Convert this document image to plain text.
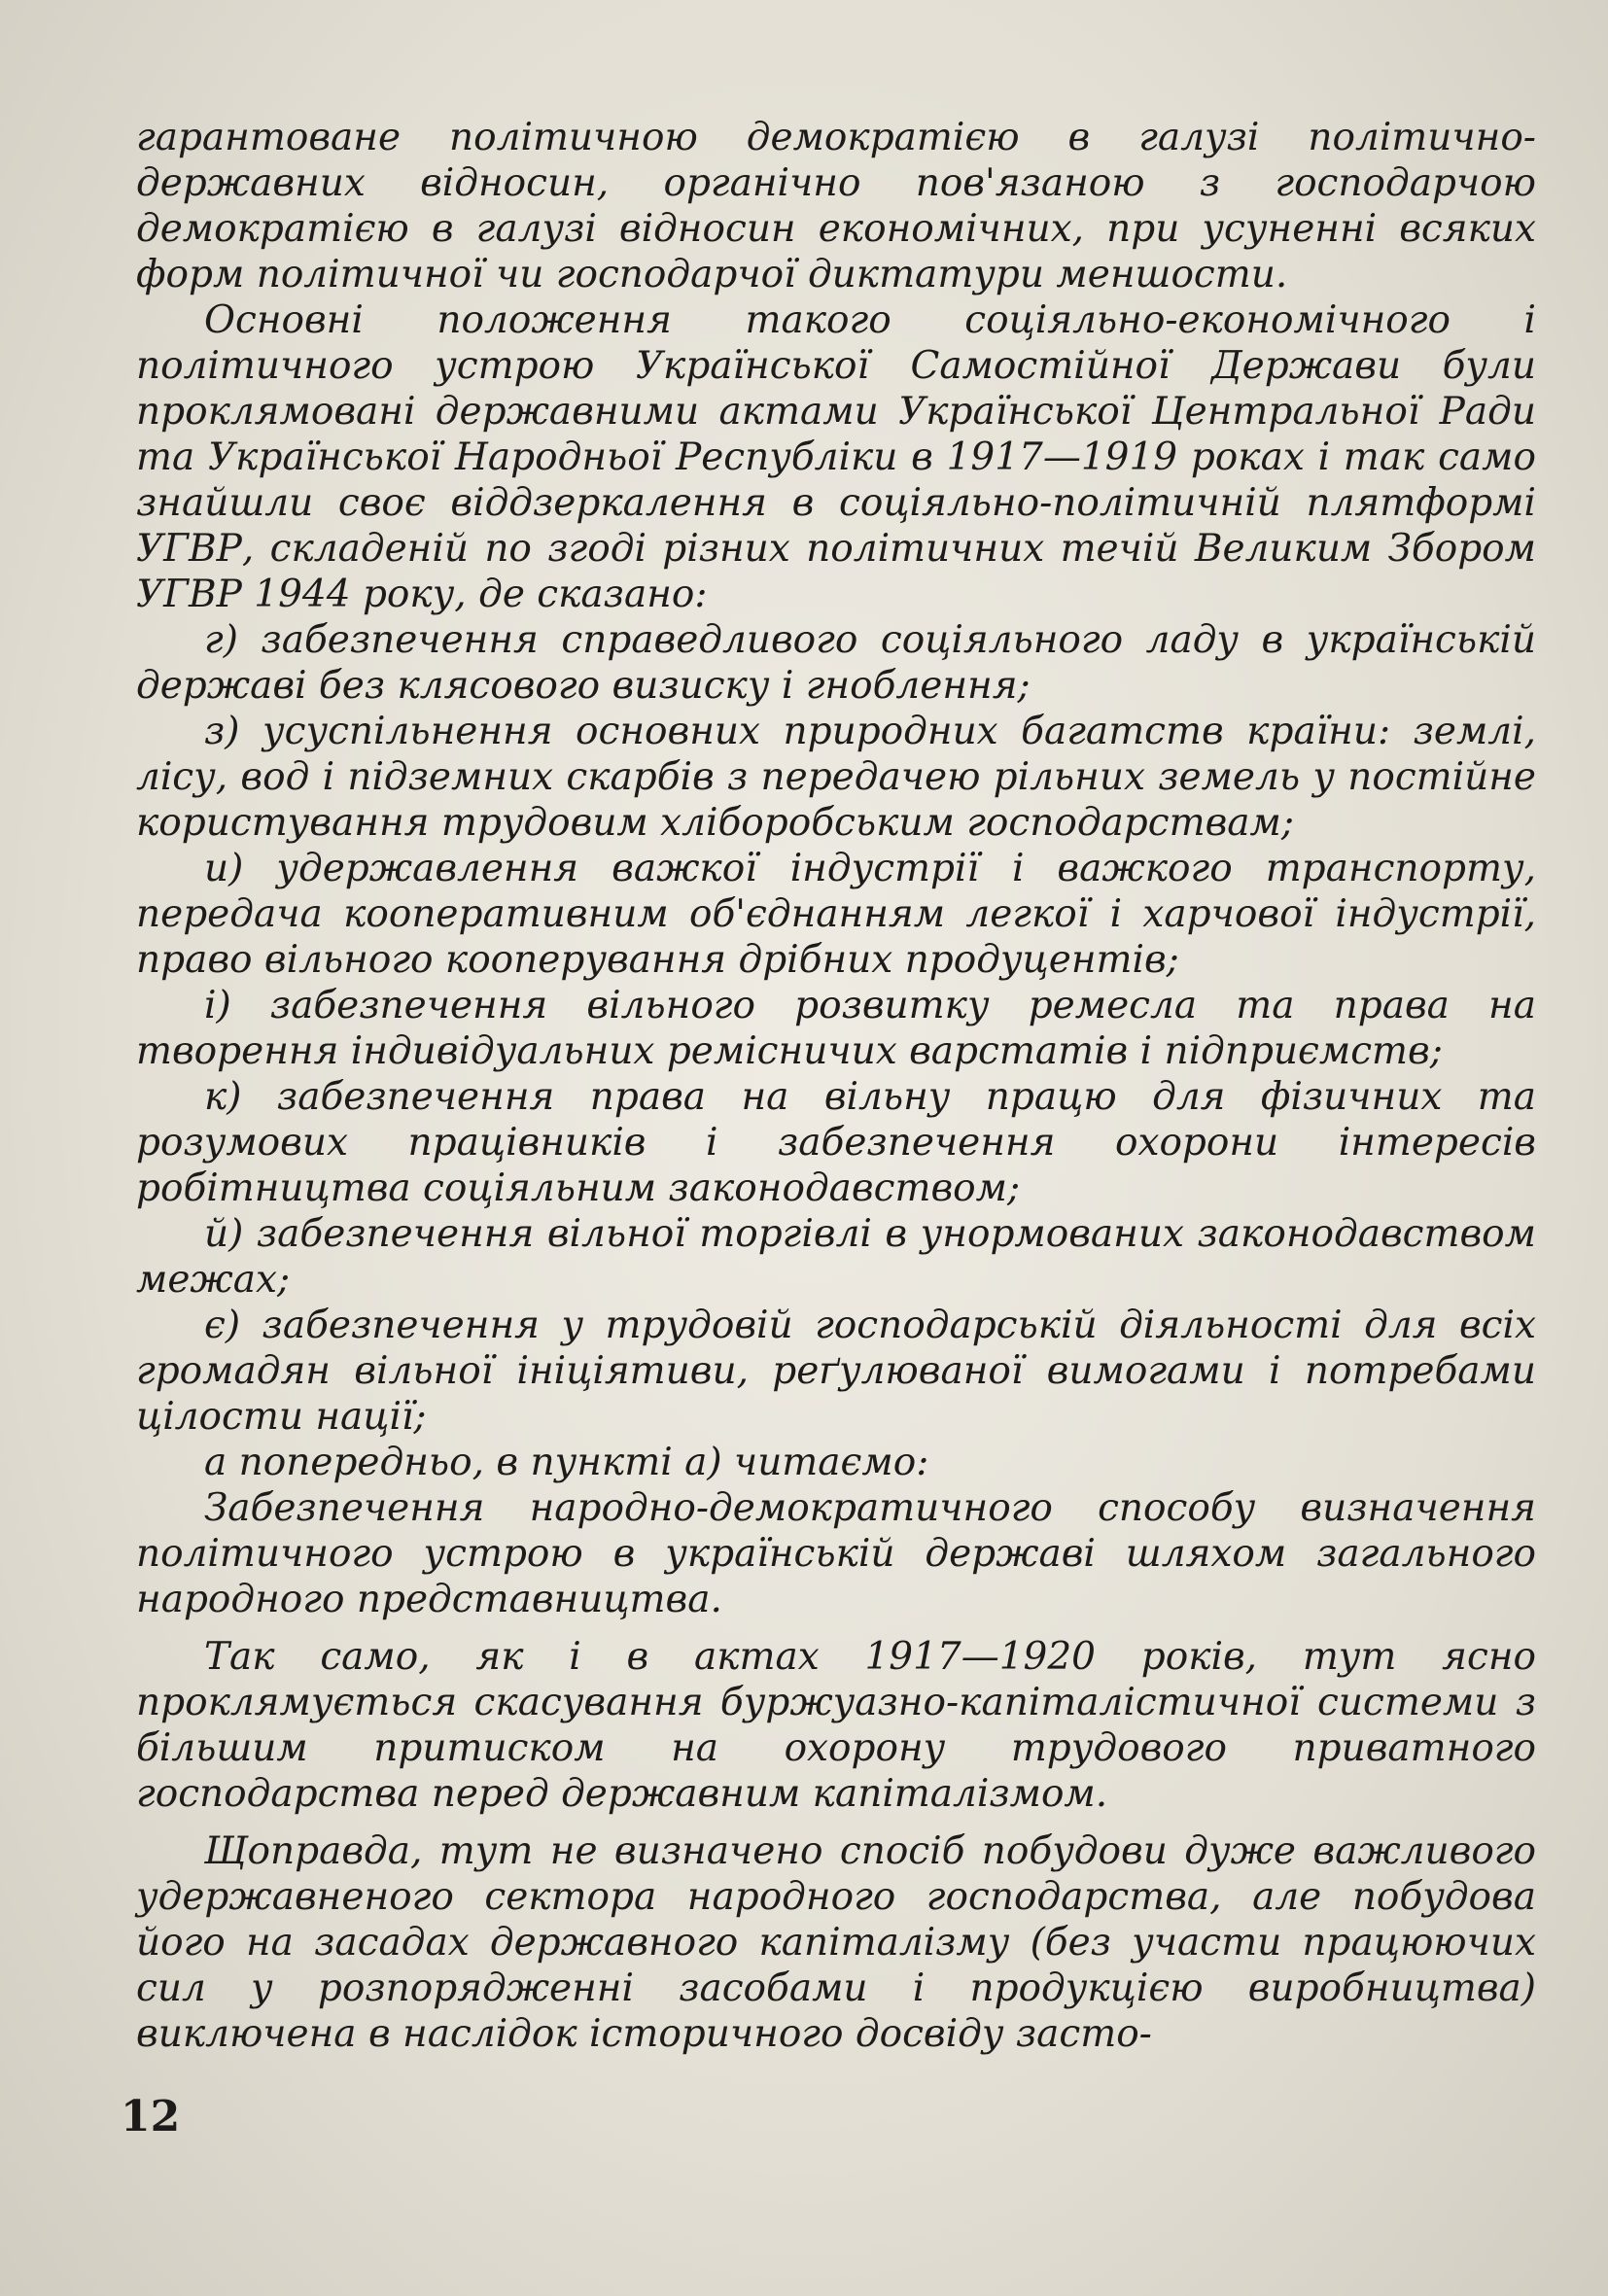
гарантоване політичною демократією в галузі політично-державних відносин, органічно пов'язаною з господарчою демократією в галузі відносин економічних, при усуненні всяких форм політичної чи господарчої диктатури меншости.

Основні положення такого соціяльно-економічного і політичного устрою Української Самостійної Держави були проклямовані державними актами Української Центральної Ради та Української Народньої Республіки в 1917—1919 роках і так само знайшли своє віддзеркалення в соціяльно-політичній плятформі УГВР, складеній по згоді різних політичних течій Великим Збором УГВР 1944 року, де сказано:

г) забезпечення справедливого соціяльного ладу в українській державі без клясового визиску і гноблення;

з) усуспільнення основних природних багатств країни: землі, лісу, вод і підземних скарбів з передачею рільних земель у постійне користування трудовим хліборобським господарствам;

и) удержавлення важкої індустрії і важкого транспорту, передача кооперативним об'єднанням легкої і харчової індустрії, право вільного кооперування дрібних продуцентів;

і) забезпечення вільного розвитку ремесла та права на творення індивідуальних ремісничих варстатів і підприємств;

к) забезпечення права на вільну працю для фізичних та розумових працівників і забезпечення охорони інтересів робітництва соціяльним законодавством;

й) забезпечення вільної торгівлі в унормованих законодавством межах;

є) забезпечення у трудовій господарській діяльності для всіх громадян вільної ініціятиви, реґулюваної вимогами і потребами цілости нації;

а попередньо, в пункті а) читаємо:

Забезпечення народно-демократичного способу визначення політичного устрою в українській державі шляхом загального народного представництва.

Так само, як і в актах 1917—1920 років, тут ясно проклямується скасування буржуазно-капіталістичної системи з більшим притиском на охорону трудового приватного господарства перед державним капіталізмом.

Щоправда, тут не визначено спосіб побудови дуже важливого удержавненого сектора народного господарства, але побудова його на засадах державного капіталізму (без участи працюючих сил у розпорядженні засобами і продукцією виробництва) виключена в наслідок історичного досвіду засто-

12
